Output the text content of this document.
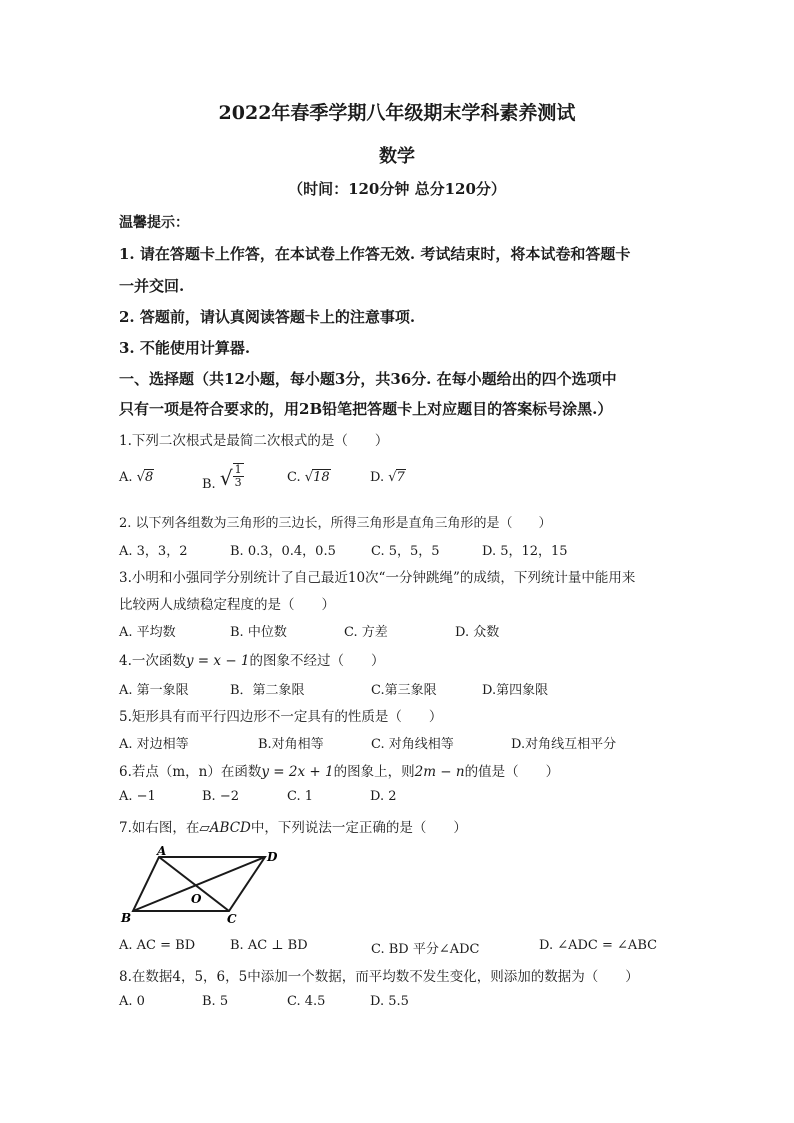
2022年春季学期八年级期末学科素养测试
数学
（时间：120分钟 总分120分）
温馨提示：
1. 请在答题卡上作答，在本试卷上作答无效. 考试结束时，将本试卷和答题卡
一并交回.
2. 答题前，请认真阅读答题卡上的注意事项.
3. 不能使用计算器.
一、选择题（共12小题，每小题3分，共36分. 在每小题给出的四个选项中
只有一项是符合要求的，用2B铅笔把答题卡上对应题目的答案标号涂黑.）
1.下列二次根式是最简二次根式的是（　　）
A. √8	B. √ $\frac{1}{3}$	C. √18	D. √7
2. 以下列各组数为三角形的三边长，所得三角形是直角三角形的是（　　）
A. 3，3，2	B. 0.3，0.4，0.5	C. 5，5，5	D. 5，12，15
3.小明和小强同学分别统计了自己最近10次“一分钟跳绳”的成绩，下列统计量中能用来
比较两人成绩稳定程度的是（　　）
A. 平均数	B. 中位数	C. 方差	D. 众数
4.一次函数y = x − 1的图象不经过（　　）
A. 第一象限	B．第二象限	C.第三象限	D.第四象限
5.矩形具有而平行四边形不一定具有的性质是（　　）
A. 对边相等	B.对角相等	C. 对角线相等	D.对角线互相平分
6.若点（m，n）在函数y = 2x + 1的图象上，则2m − n的值是（　　）
A. −1	B. −2	C. 1	D. 2
7.如右图，在▱ABCD中，下列说法一定正确的是（　　）
A	D
B	C
O
A. AC = BD	B. AC ⊥ BD	C. BD 平分∠ADC	D. ∠ADC = ∠ABC
8.在数据4，5，6，5中添加一个数据，而平均数不发生变化，则添加的数据为（　　）
A. 0	B. 5	C. 4.5	D. 5.5
